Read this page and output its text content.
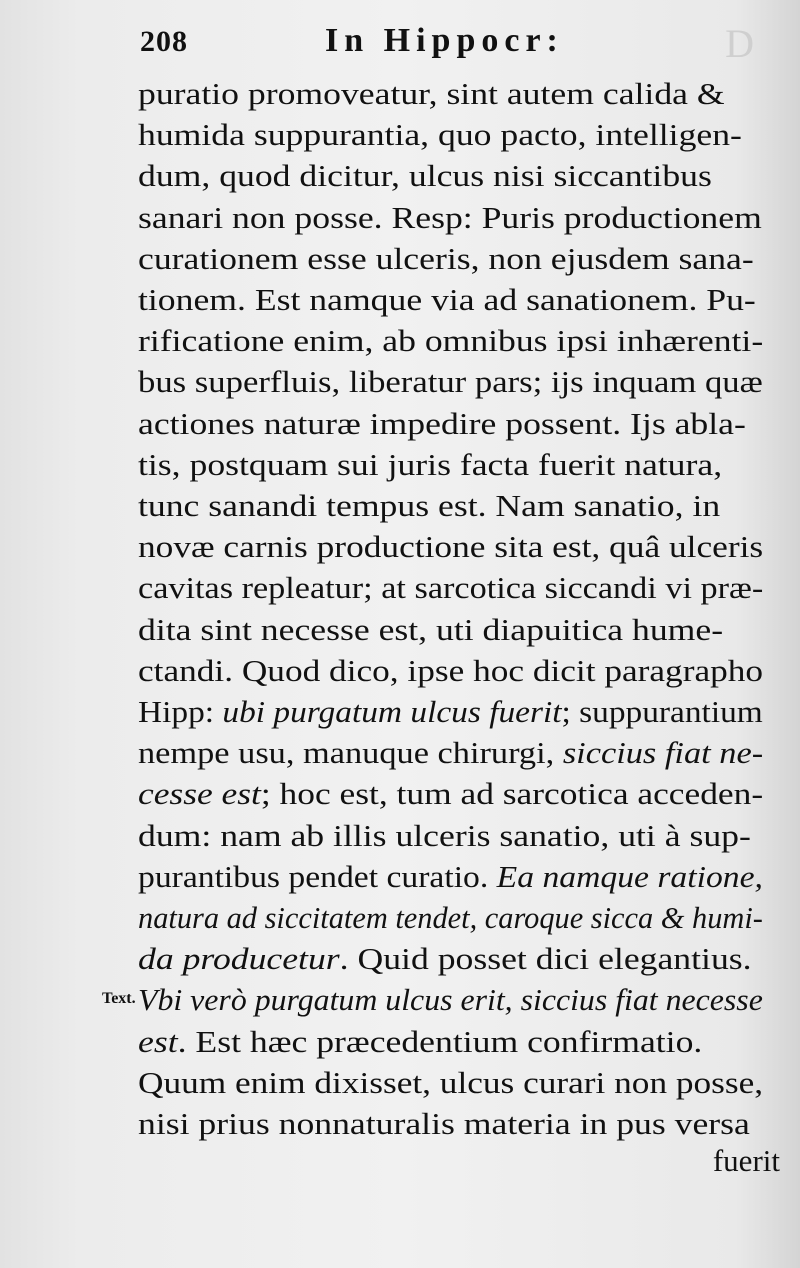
D
208	In Hippocr:
puratio promoveatur, sint autem calida &
humida suppurantia, quo pacto, intelligen-
dum, quod dicitur, ulcus nisi siccantibus
sanari non posse. Resp: Puris productionem
curationem esse ulceris, non ejusdem sana-
tionem. Est namque via ad sanationem. Pu-
rificatione enim, ab omnibus ipsi inhærenti-
bus superfluis, liberatur pars; ijs inquam quæ
actiones naturæ impedire possent. Ijs abla-
tis, postquam sui juris facta fuerit natura,
tunc sanandi tempus est. Nam sanatio, in
novæ carnis productione sita est, quâ ulceris
cavitas repleatur; at sarcotica siccandi vi præ-
dita sint necesse est, uti diapuitica hume-
ctandi. Quod dico, ipse hoc dicit paragrapho
Hipp: ubi purgatum ulcus fuerit; suppurantium
nempe usu, manuque chirurgi, siccius fiat ne-
cesse est; hoc est, tum ad sarcotica acceden-
dum: nam ab illis ulceris sanatio, uti à sup-
purantibus pendet curatio. Ea namque ratione,
natura ad siccitatem tendet, caroque sicca & humi-
da producetur. Quid posset dici elegantius.
Vbi verò purgatum ulcus erit, siccius fiat necesse
Text.
est. Est hæc præcedentium confirmatio.
Quum enim dixisset, ulcus curari non posse,
nisi prius nonnaturalis materia in pus versa
fuerit
